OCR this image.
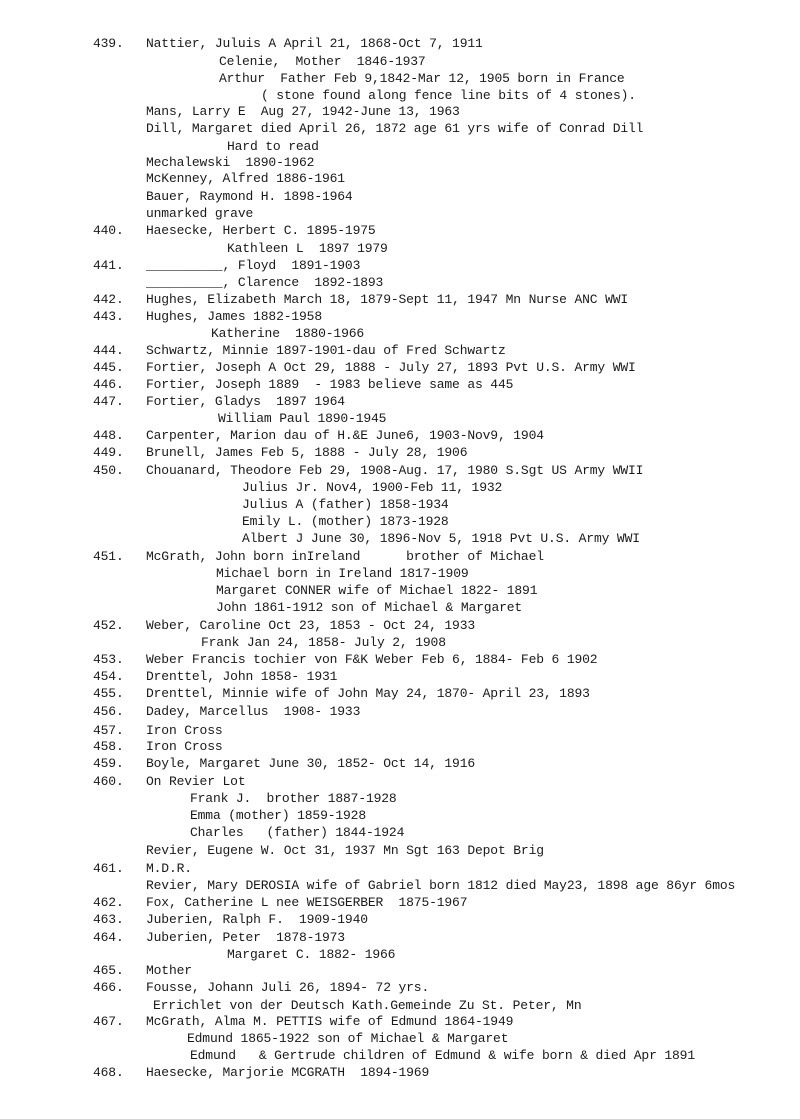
439. Nattier, Juluis A April 21, 1868-Oct 7, 1911
Celenie,  Mother  1846-1937
Arthur  Father Feb 9,1842-Mar 12, 1905 born in France
( stone found along fence line bits of 4 stones).
Mans, Larry E  Aug 27, 1942-June 13, 1963
Dill, Margaret died April 26, 1872 age 61 yrs wife of Conrad Dill
Hard to read
Mechalewski  1890-1962
McKenney, Alfred 1886-1961
Bauer, Raymond H. 1898-1964
unmarked grave
440. Haesecke, Herbert C. 1895-1975
Kathleen L  1897 1979
441. __________, Floyd  1891-1903
__________, Clarence  1892-1893
442. Hughes, Elizabeth March 18, 1879-Sept 11, 1947 Mn Nurse ANC WWI
443. Hughes, James 1882-1958
Katherine  1880-1966
444. Schwartz, Minnie 1897-1901-dau of Fred Schwartz
445. Fortier, Joseph A Oct 29, 1888 - July 27, 1893 Pvt U.S. Army WWI
446. Fortier, Joseph 1889  - 1983 believe same as 445
447. Fortier, Gladys  1897 1964
William Paul 1890-1945
448. Carpenter, Marion dau of H.&E June6, 1903-Nov9, 1904
449. Brunell, James Feb 5, 1888 - July 28, 1906
450. Chouanard, Theodore Feb 29, 1908-Aug. 17, 1980 S.Sgt US Army WWII
Julius Jr. Nov4, 1900-Feb 11, 1932
Julius A (father) 1858-1934
Emily L. (mother) 1873-1928
Albert J June 30, 1896-Nov 5, 1918 Pvt U.S. Army WWI
451. McGrath, John born inIreland      brother of Michael
Michael born in Ireland 1817-1909
Margaret CONNER wife of Michael 1822- 1891
John 1861-1912 son of Michael & Margaret
452. Weber, Caroline Oct 23, 1853 - Oct 24, 1933
Frank Jan 24, 1858- July 2, 1908
453. Weber Francis tochier von F&K Weber Feb 6, 1884- Feb 6 1902
454. Drenttel, John 1858- 1931
455. Drenttel, Minnie wife of John May 24, 1870- April 23, 1893
456. Dadey, Marcellus  1908- 1933
457. Iron Cross
458. Iron Cross
459. Boyle, Margaret June 30, 1852- Oct 14, 1916
460. On Revier Lot
Frank J.  brother 1887-1928
Emma (mother) 1859-1928
Charles   (father) 1844-1924
Revier, Eugene W. Oct 31, 1937 Mn Sgt 163 Depot Brig
461. M.D.R.
Revier, Mary DEROSIA wife of Gabriel born 1812 died May23, 1898 age 86yr 6mos
462. Fox, Catherine L nee WEISGERBER  1875-1967
463. Juberien, Ralph F.  1909-1940
464. Juberien, Peter  1878-1973
Margaret C. 1882- 1966
465. Mother
466. Fousse, Johann Juli 26, 1894- 72 yrs.
Errichlet von der Deutsch Kath.Gemeinde Zu St. Peter, Mn
467. McGrath, Alma M. PETTIS wife of Edmund 1864-1949
Edmund 1865-1922 son of Michael & Margaret
Edmund   & Gertrude children of Edmund & wife born & died Apr 1891
468. Haesecke, Marjorie MCGRATH  1894-1969
